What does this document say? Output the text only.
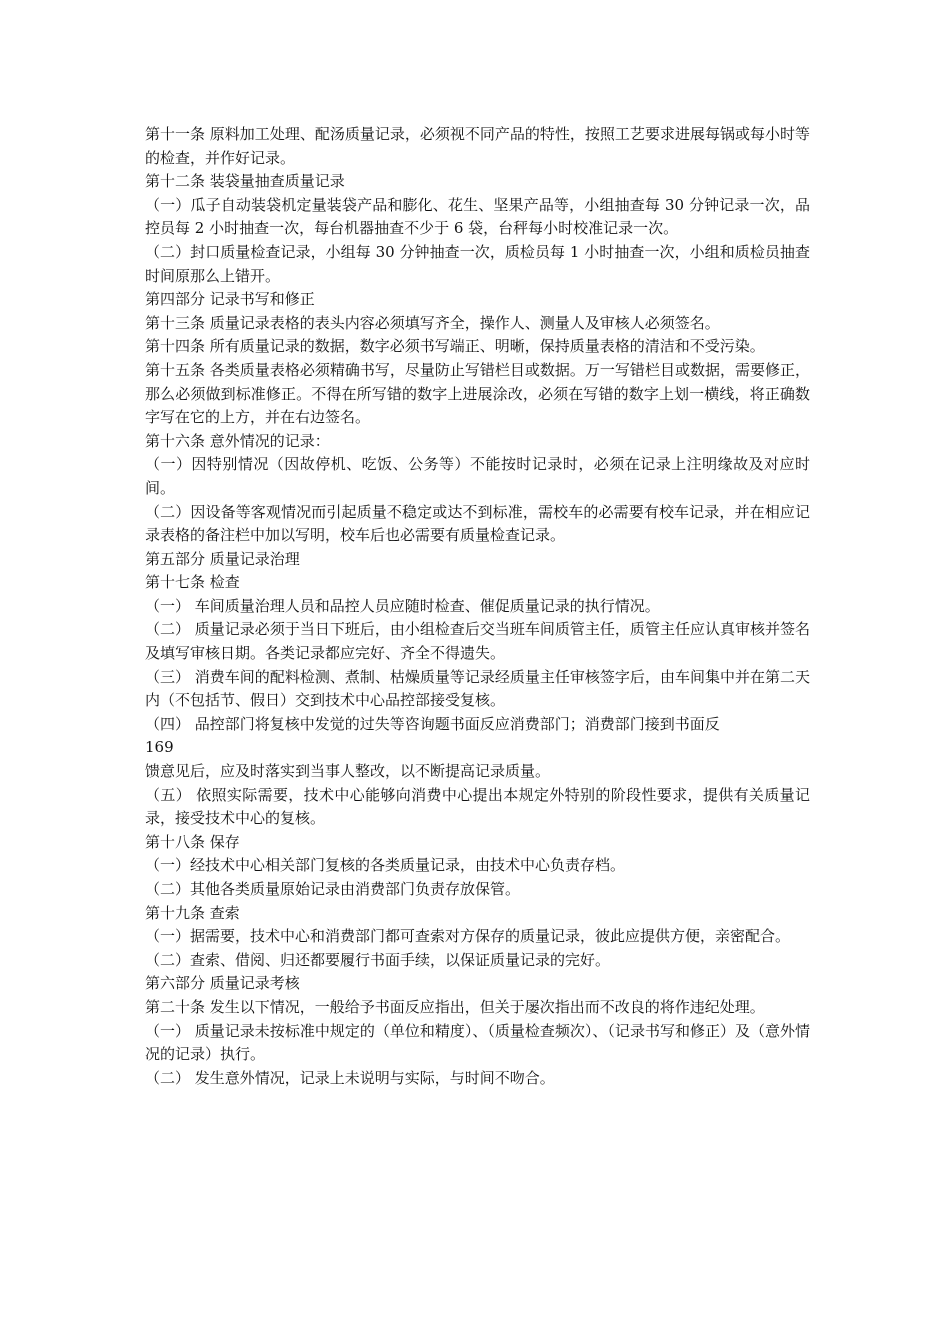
第十一条 原料加工处理、配汤质量记录，必须视不同产品的特性，按照工艺要求进展每锅或每小时等的检查，并作好记录。

第十二条 装袋量抽查质量记录

（一）瓜子自动装袋机定量装袋产品和膨化、花生、坚果产品等，小组抽查每 30 分钟记录一次，品控员每 2 小时抽查一次，每台机器抽查不少于 6 袋，台秤每小时校准记录一次。

（二）封口质量检查记录，小组每 30 分钟抽查一次，质检员每 1 小时抽查一次，小组和质检员抽查时间原那么上错开。

第四部分 记录书写和修正

第十三条 质量记录表格的表头内容必须填写齐全，操作人、测量人及审核人必须签名。

第十四条 所有质量记录的数据，数字必须书写端正、明晰，保持质量表格的清洁和不受污染。

第十五条 各类质量表格必须精确书写，尽量防止写错栏目或数据。万一写错栏目或数据，需要修正，那么必须做到标准修正。不得在所写错的数字上进展涂改，必须在写错的数字上划一横线，将正确数字写在它的上方，并在右边签名。

第十六条 意外情况的记录：

（一）因特别情况（因故停机、吃饭、公务等）不能按时记录时，必须在记录上注明缘故及对应时间。

（二）因设备等客观情况而引起质量不稳定或达不到标准，需校车的必需要有校车记录，并在相应记录表格的备注栏中加以写明，校车后也必需要有质量检查记录。

第五部分 质量记录治理

第十七条 检查

（一） 车间质量治理人员和品控人员应随时检查、催促质量记录的执行情况。

（二） 质量记录必须于当日下班后，由小组检查后交当班车间质管主任，质管主任应认真审核并签名及填写审核日期。各类记录都应完好、齐全不得遗失。

（三） 消费车间的配料检测、煮制、枯燥质量等记录经质量主任审核签字后，由车间集中并在第二天内（不包括节、假日）交到技术中心品控部接受复核。

（四） 品控部门将复核中发觉的过失等咨询题书面反应消费部门；消费部门接到书面反

169

馈意见后，应及时落实到当事人整改，以不断提高记录质量。

（五） 依照实际需要，技术中心能够向消费中心提出本规定外特别的阶段性要求，提供有关质量记录，接受技术中心的复核。

第十八条 保存

（一）经技术中心相关部门复核的各类质量记录，由技术中心负责存档。

（二）其他各类质量原始记录由消费部门负责存放保管。

第十九条 查索

（一）据需要，技术中心和消费部门都可查索对方保存的质量记录，彼此应提供方便，亲密配合。

（二）查索、借阅、归还都要履行书面手续，以保证质量记录的完好。

第六部分 质量记录考核

第二十条 发生以下情况，一般给予书面反应指出，但关于屡次指出而不改良的将作违纪处理。

（一） 质量记录未按标准中规定的（单位和精度）、（质量检查频次）、（记录书写和修正）及（意外情况的记录）执行。

（二） 发生意外情况，记录上未说明与实际，与时间不吻合。
